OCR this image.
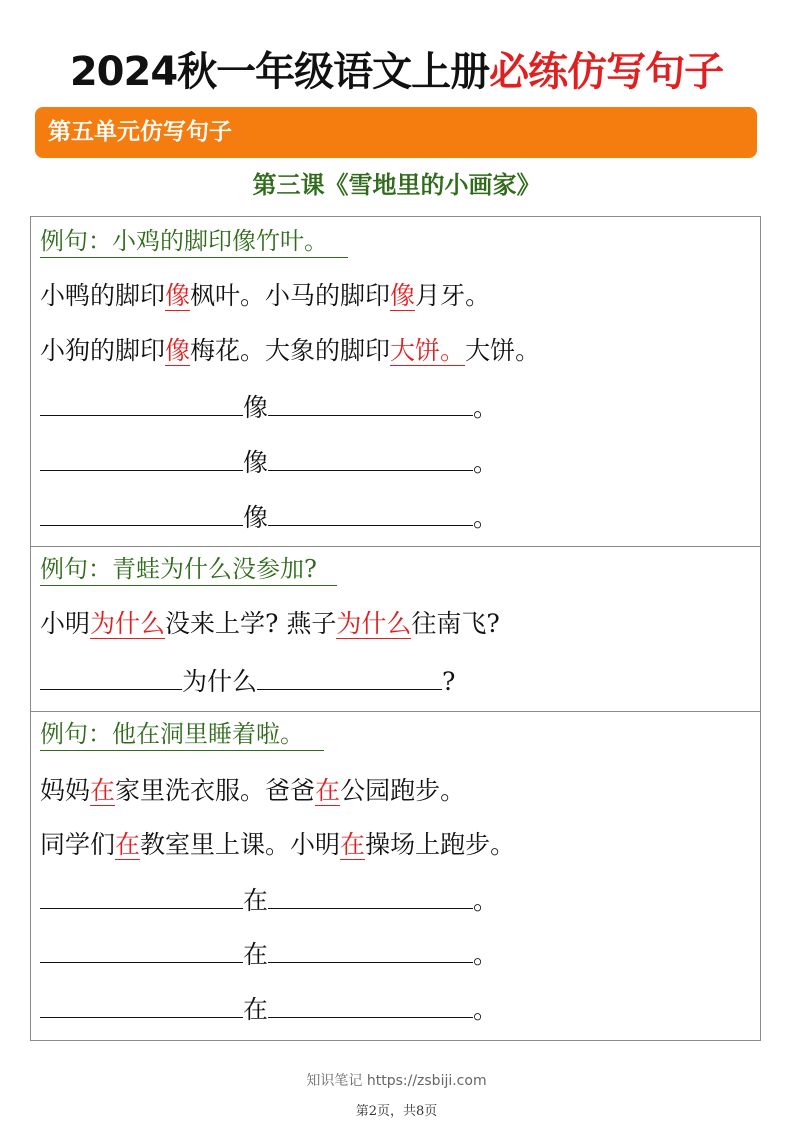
2024秋一年级语文上册必练仿写句子
第五单元仿写句子
第三课《雪地里的小画家》
例句：小鸡的脚印像竹叶。
小鸭的脚印像枫叶。小马的脚印像月牙。
小狗的脚印像梅花。大象的脚印大饼。大饼。
像	。
像	。
像	。
例句：青蛙为什么没参加?
小明为什么没来上学? 燕子为什么往南飞?
为什么	?
例句：他在洞里睡着啦。
妈妈在家里洗衣服。爸爸在公园跑步。
同学们在教室里上课。小明在操场上跑步。
在	。
在	。
在	。
知识笔记 https://zsbiji.com
第2页，共8页
